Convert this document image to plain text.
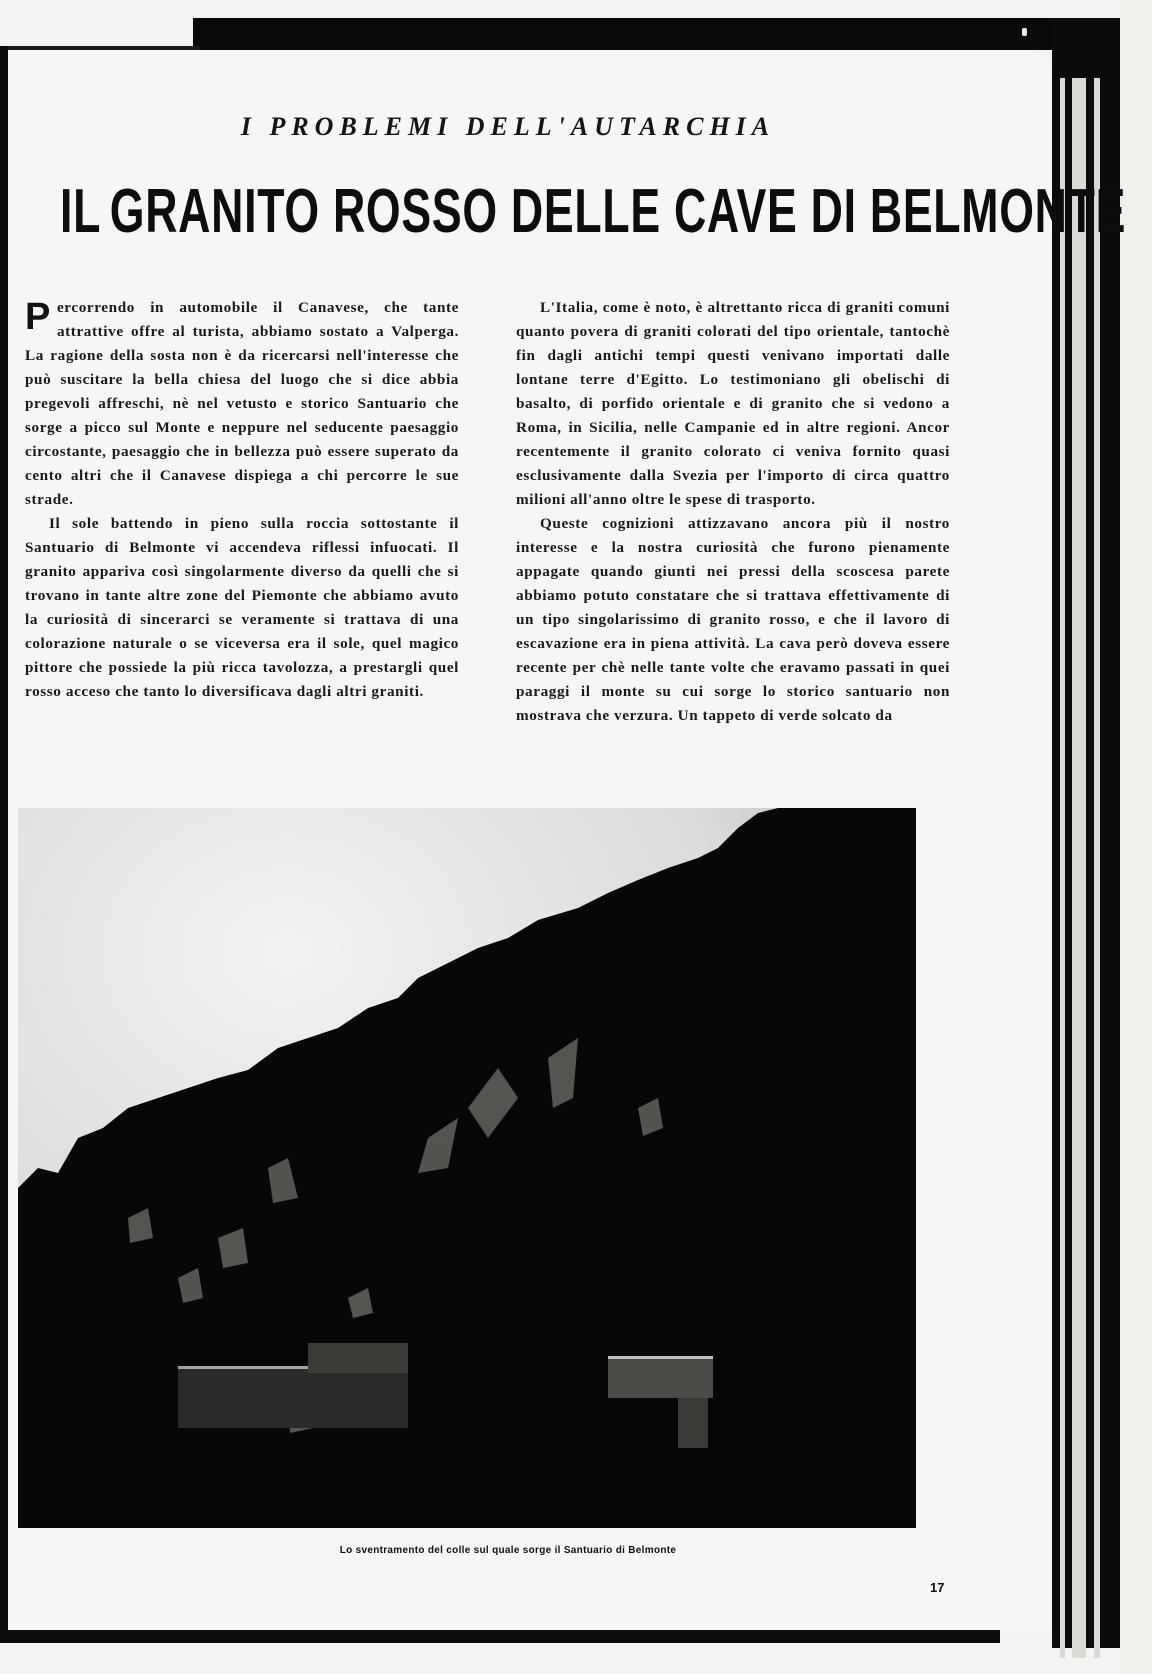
I PROBLEMI DELL'AUTARCHIA
IL GRANITO ROSSO DELLE CAVE DI BELMONTE

Percorrendo in automobile il Canavese, che tante attrattive offre al turista, abbiamo sostato a Valperga. La ragione della sosta non è da ricercarsi nell'interesse che può suscitare la bella chiesa del luogo che si dice abbia pregevoli affreschi, nè nel vetusto e storico Santuario che sorge a picco sul Monte e neppure nel seducente paesaggio circostante, paesaggio che in bellezza può essere superato da cento altri che il Canavese dispiega a chi percorre le sue strade.

Il sole battendo in pieno sulla roccia sottostante il Santuario di Belmonte vi accendeva riflessi infuocati. Il granito appariva così singolarmente diverso da quelli che si trovano in tante altre zone del Piemonte che abbiamo avuto la curiosità di sincerarci se veramente si trattava di una colorazione naturale o se viceversa era il sole, quel magico pittore che possiede la più ricca tavolozza, a prestargli quel rosso acceso che tanto lo diversificava dagli altri graniti.

L'Italia, come è noto, è altrettanto ricca di graniti comuni quanto povera di graniti colorati del tipo orientale, tantochè fin dagli antichi tempi questi venivano importati dalle lontane terre d'Egitto. Lo testimoniano gli obelischi di basalto, di porfido orientale e di granito che si vedono a Roma, in Sicilia, nelle Campanie ed in altre regioni. Ancor recentemente il granito colorato ci veniva fornito quasi esclusivamente dalla Svezia per l'importo di circa quattro milioni all'anno oltre le spese di trasporto.

Queste cognizioni attizzavano ancora più il nostro interesse e la nostra curiosità che furono pienamente appagate quando giunti nei pressi della scoscesa parete abbiamo potuto constatare che si trattava effettivamente di un tipo singolarissimo di granito rosso, e che il lavoro di escavazione era in piena attività. La cava però doveva essere recente per chè nelle tante volte che eravamo passati in quei paraggi il monte su cui sorge lo storico santuario non mostrava che verzura. Un tappeto di verde solcato da

Lo sventramento del colle sul quale sorge il Santuario di Belmonte
17
